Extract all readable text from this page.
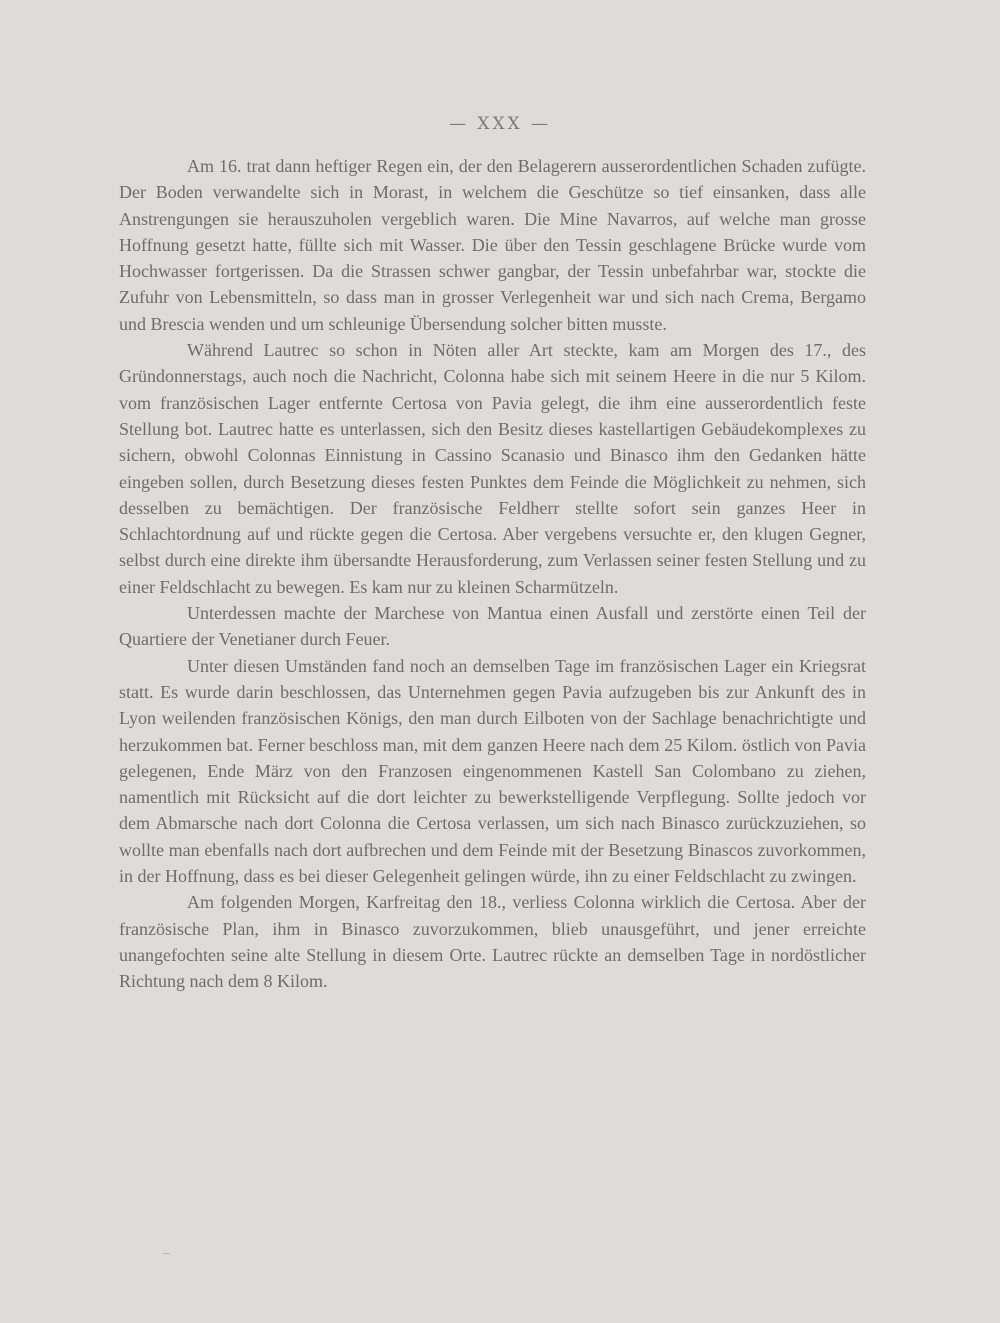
— XXX —

Am 16. trat dann heftiger Regen ein, der den Belagerern ausserordentlichen Schaden zufügte. Der Boden verwandelte sich in Morast, in welchem die Geschütze so tief einsanken, dass alle Anstrengungen sie herauszuholen vergeblich waren. Die Mine Navarros, auf welche man grosse Hoffnung gesetzt hatte, füllte sich mit Wasser. Die über den Tessin geschlagene Brücke wurde vom Hochwasser fortgerissen. Da die Strassen schwer gangbar, der Tessin unbefahrbar war, stockte die Zufuhr von Lebensmitteln, so dass man in grosser Verlegenheit war und sich nach Crema, Bergamo und Brescia wenden und um schleunige Übersendung solcher bitten musste.

Während Lautrec so schon in Nöten aller Art steckte, kam am Morgen des 17., des Gründonnerstags, auch noch die Nachricht, Colonna habe sich mit seinem Heere in die nur 5 Kilom. vom französischen Lager entfernte Certosa von Pavia gelegt, die ihm eine ausserordentlich feste Stellung bot. Lautrec hatte es unterlassen, sich den Besitz dieses kastellartigen Gebäudekomplexes zu sichern, obwohl Colonnas Einnistung in Cassino Scanasio und Binasco ihm den Gedanken hätte eingeben sollen, durch Besetzung dieses festen Punktes dem Feinde die Möglichkeit zu nehmen, sich desselben zu bemächtigen. Der französische Feldherr stellte sofort sein ganzes Heer in Schlachtordnung auf und rückte gegen die Certosa. Aber vergebens versuchte er, den klugen Gegner, selbst durch eine direkte ihm übersandte Herausforderung, zum Verlassen seiner festen Stellung und zu einer Feldschlacht zu bewegen. Es kam nur zu kleinen Scharmützeln.

Unterdessen machte der Marchese von Mantua einen Ausfall und zerstörte einen Teil der Quartiere der Venetianer durch Feuer.

Unter diesen Umständen fand noch an demselben Tage im französischen Lager ein Kriegsrat statt. Es wurde darin beschlossen, das Unternehmen gegen Pavia aufzugeben bis zur Ankunft des in Lyon weilenden französischen Königs, den man durch Eilboten von der Sachlage benachrichtigte und herzukommen bat. Ferner beschloss man, mit dem ganzen Heere nach dem 25 Kilom. östlich von Pavia gelegenen, Ende März von den Franzosen eingenommenen Kastell San Colombano zu ziehen, namentlich mit Rücksicht auf die dort leichter zu bewerkstelligende Verpflegung. Sollte jedoch vor dem Abmarsche nach dort Colonna die Certosa verlassen, um sich nach Binasco zurückzuziehen, so wollte man ebenfalls nach dort aufbrechen und dem Feinde mit der Besetzung Binascos zuvorkommen, in der Hoffnung, dass es bei dieser Gelegenheit gelingen würde, ihn zu einer Feldschlacht zu zwingen.

Am folgenden Morgen, Karfreitag den 18., verliess Colonna wirklich die Certosa. Aber der französische Plan, ihm in Binasco zuvorzukommen, blieb unausgeführt, und jener erreichte unangefochten seine alte Stellung in diesem Orte. Lautrec rückte an demselben Tage in nordöstlicher Richtung nach dem 8 Kilom.
